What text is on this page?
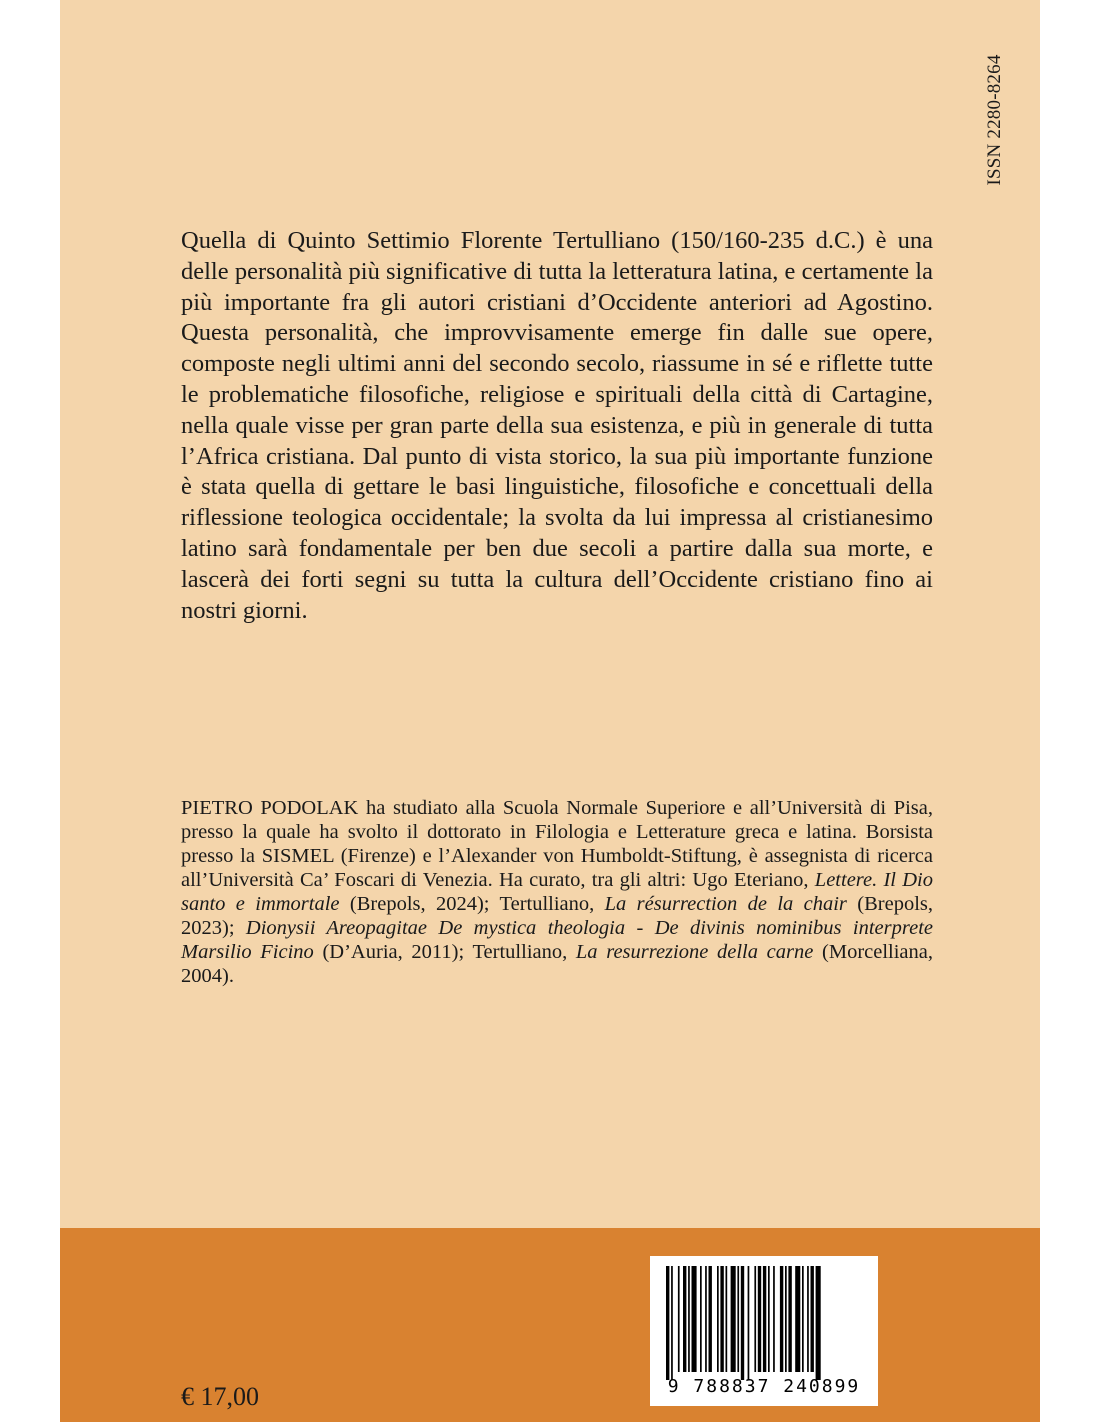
ISSN 2280-8264

Quella di Quinto Settimio Florente Tertulliano (150/160-235 d.C.) è una delle personalità più significative di tutta la letteratura latina, e certamente la più importante fra gli autori cristiani d’Occidente anteriori ad Agostino. Questa personalità, che improvvisamente emerge fin dalle sue opere, composte negli ultimi anni del secondo secolo, riassume in sé e riflette tutte le problematiche filosofiche, religiose e spirituali della città di Cartagine, nella quale visse per gran parte della sua esistenza, e più in generale di tutta l’Africa cristiana. Dal punto di vista storico, la sua più importante funzione è stata quella di gettare le basi linguistiche, filosofiche e concettuali della riflessione teologica occidentale; la svolta da lui impressa al cristianesimo latino sarà fondamentale per ben due secoli a partire dalla sua morte, e lascerà dei forti segni su tutta la cultura dell’Occidente cristiano fino ai nostri giorni.

PIETRO PODOLAK ha studiato alla Scuola Normale Superiore e all’Università di Pisa, presso la quale ha svolto il dottorato in Filologia e Letterature greca e latina. Borsista presso la SISMEL (Firenze) e l’Alexander von Humboldt-Stiftung, è assegnista di ricerca all’Università Ca’ Foscari di Venezia. Ha curato, tra gli altri: Ugo Eteriano, Lettere. Il Dio santo e immortale (Brepols, 2024); Tertulliano, La résurrection de la chair (Brepols, 2023); Dionysii Areopagitae De mystica theologia - De divinis nominibus interprete Marsilio Ficino (D’Auria, 2011); Tertulliano, La resurrezione della carne (Morcelliana, 2004).

€ 17,00	9 788837 240899
